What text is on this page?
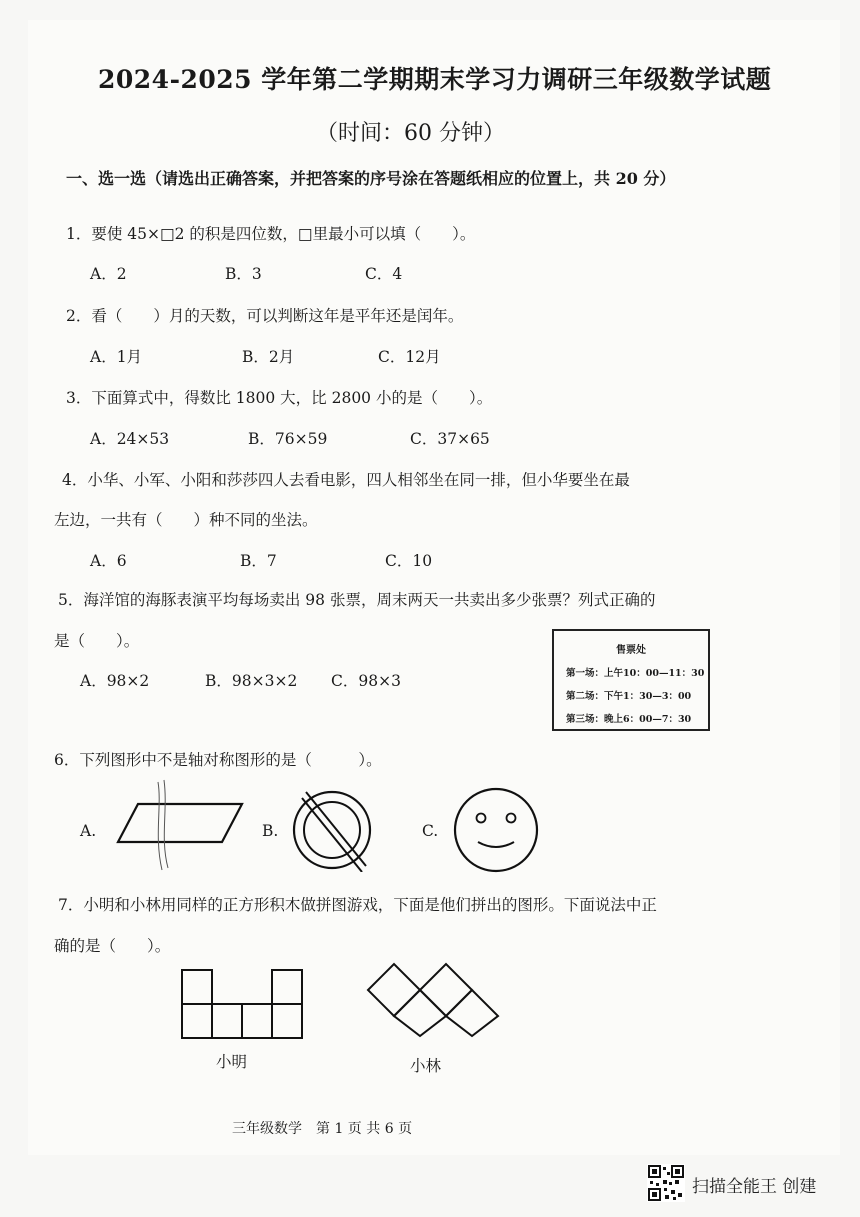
2024-2025 学年第二学期期末学习力调研三年级数学试题
（时间：60 分钟）
一、选一选（请选出正确答案，并把答案的序号涂在答题纸相应的位置上，共 20 分）
1．要使 45×□2 的积是四位数，□里最小可以填（　　）。
A．2	B．3	C．4
2．看（　　）月的天数，可以判断这年是平年还是闰年。
A．1月	B．2月	C．12月
3．下面算式中，得数比 1800 大，比 2800 小的是（　　）。
A．24×53	B．76×59	C．37×65
4．小华、小军、小阳和莎莎四人去看电影，四人相邻坐在同一排，但小华要坐在最
左边，一共有（　　）种不同的坐法。
A．6	B．7	C．10
5．海洋馆的海豚表演平均每场卖出 98 张票，周末两天一共卖出多少张票？列式正确的
是（　　）。
A．98×2	B．98×3×2 C．98×3
售票处
第一场：上午10：00—11：30
第二场：下午1：30—3：00
第三场：晚上6：00—7：30
6．下列图形中不是轴对称图形的是（　　　）。
A.	B.	C.
7．小明和小林用同样的正方形积木做拼图游戏，下面是他们拼出的图形。下面说法中正
确的是（　　）。
小明	小林
三年级数学　第 1 页 共 6 页
扫描全能王 创建
